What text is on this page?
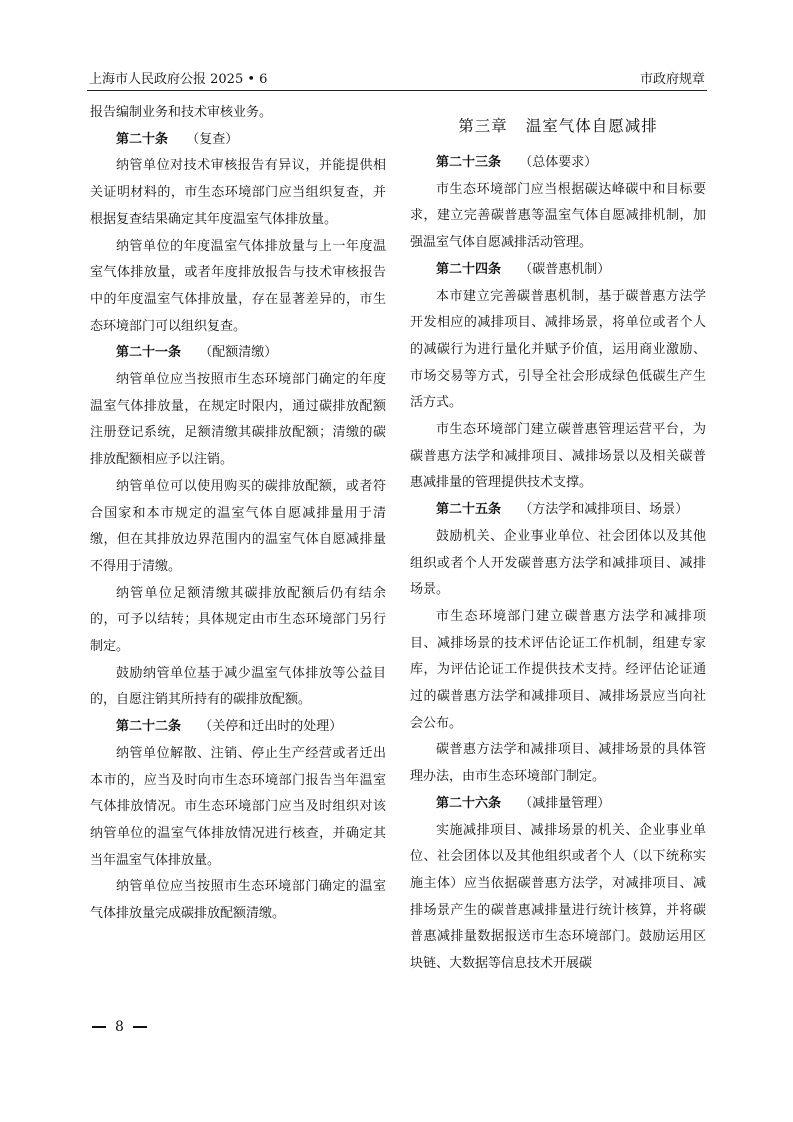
上海市人民政府公报 2025 • 6	市政府规章

报告编制业务和技术审核业务。

第二十条 （复查）

纳管单位对技术审核报告有异议，并能提供相关证明材料的，市生态环境部门应当组织复查，并根据复查结果确定其年度温室气体排放量。

纳管单位的年度温室气体排放量与上一年度温室气体排放量，或者年度排放报告与技术审核报告中的年度温室气体排放量，存在显著差异的，市生态环境部门可以组织复查。

第二十一条 （配额清缴）

纳管单位应当按照市生态环境部门确定的年度温室气体排放量，在规定时限内，通过碳排放配额注册登记系统，足额清缴其碳排放配额；清缴的碳排放配额相应予以注销。

纳管单位可以使用购买的碳排放配额，或者符合国家和本市规定的温室气体自愿减排量用于清缴，但在其排放边界范围内的温室气体自愿减排量不得用于清缴。

纳管单位足额清缴其碳排放配额后仍有结余的，可予以结转；具体规定由市生态环境部门另行制定。

鼓励纳管单位基于减少温室气体排放等公益目的，自愿注销其所持有的碳排放配额。

第二十二条 （关停和迁出时的处理）

纳管单位解散、注销、停止生产经营或者迁出本市的，应当及时向市生态环境部门报告当年温室气体排放情况。市生态环境部门应当及时组织对该纳管单位的温室气体排放情况进行核查，并确定其当年温室气体排放量。

纳管单位应当按照市生态环境部门确定的温室气体排放量完成碳排放配额清缴。

第三章 温室气体自愿减排

第二十三条 （总体要求）

市生态环境部门应当根据碳达峰碳中和目标要求，建立完善碳普惠等温室气体自愿减排机制，加强温室气体自愿减排活动管理。

第二十四条 （碳普惠机制）

本市建立完善碳普惠机制，基于碳普惠方法学开发相应的减排项目、减排场景，将单位或者个人的减碳行为进行量化并赋予价值，运用商业激励、市场交易等方式，引导全社会形成绿色低碳生产生活方式。

市生态环境部门建立碳普惠管理运营平台，为碳普惠方法学和减排项目、减排场景以及相关碳普惠减排量的管理提供技术支撑。

第二十五条 （方法学和减排项目、场景）

鼓励机关、企业事业单位、社会团体以及其他组织或者个人开发碳普惠方法学和减排项目、减排场景。

市生态环境部门建立碳普惠方法学和减排项目、减排场景的技术评估论证工作机制，组建专家库，为评估论证工作提供技术支持。经评估论证通过的碳普惠方法学和减排项目、减排场景应当向社会公布。

碳普惠方法学和减排项目、减排场景的具体管理办法，由市生态环境部门制定。

第二十六条 （减排量管理）

实施减排项目、减排场景的机关、企业事业单位、社会团体以及其他组织或者个人（以下统称实施主体）应当依据碳普惠方法学，对减排项目、减排场景产生的碳普惠减排量进行统计核算，并将碳普惠减排量数据报送市生态环境部门。鼓励运用区块链、大数据等信息技术开展碳

8
